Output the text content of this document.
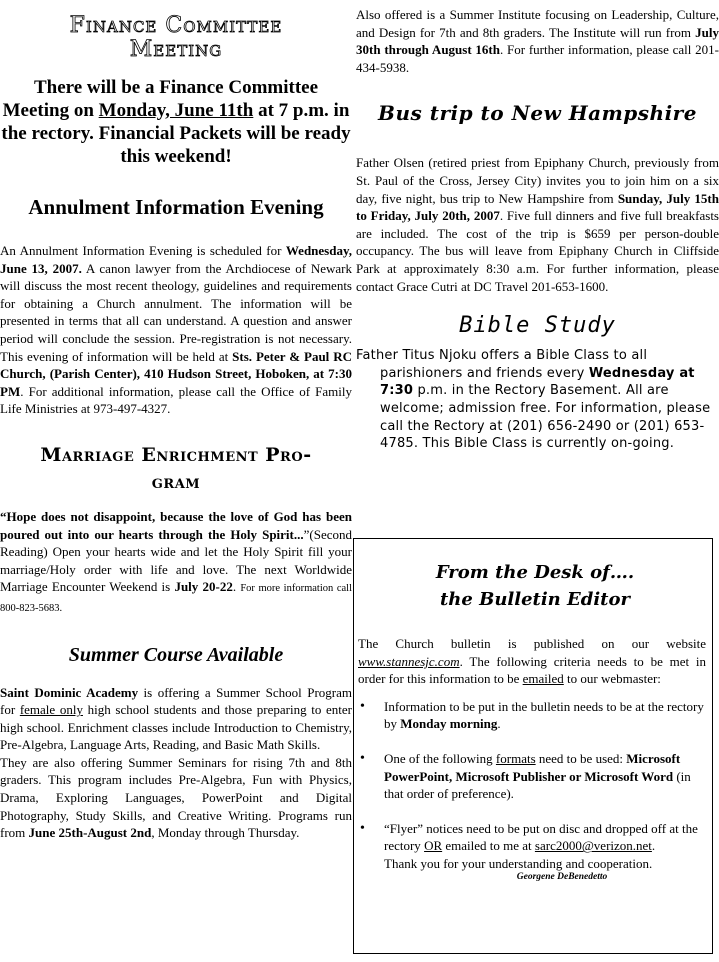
Finance Committee
Meeting

There will be a Finance Committee Meeting on Monday, June 11th at 7 p.m. in the rectory. Financial Packets will be ready this weekend!

Annulment Information Evening

An Annulment Information Evening is scheduled for Wednesday, June 13, 2007. A canon lawyer from the Archdiocese of Newark will discuss the most recent theology, guidelines and requirements for obtaining a Church annulment. The information will be presented in terms that all can understand. A question and answer period will conclude the session. Pre-registration is not necessary. This evening of information will be held at Sts. Peter & Paul RC Church, (Parish Center), 410 Hudson Street, Hoboken, at 7:30 PM. For additional information, please call the Office of Family Life Ministries at 973-497-4327.

Marriage Enrichment Pro-
gram

“Hope does not disappoint, because the love of God has been poured out into our hearts through the Holy Spirit...”(Second Reading) Open your hearts wide and let the Holy Spirit fill your marriage/Holy order with life and love. The next Worldwide Marriage Encounter Weekend is July 20-22. For more information call 800-823-5683.

Summer Course Available

Saint Dominic Academy is offering a Summer School Program for female only high school students and those preparing to enter high school. Enrichment classes include Introduction to Chemistry, Pre-Algebra, Language Arts, Reading, and Basic Math Skills.

They are also offering Summer Seminars for rising 7th and 8th graders. This program includes Pre-Algebra, Fun with Physics, Drama, Exploring Languages, PowerPoint and Digital Photography, Study Skills, and Creative Writing. Programs run from June 25th-August 2nd, Monday through Thursday.

Also offered is a Summer Institute focusing on Leadership, Culture, and Design for 7th and 8th graders. The Institute will run from July 30th through August 16th. For further information, please call 201-434-5938.

Bus trip to New Hampshire

Father Olsen (retired priest from Epiphany Church, previously from St. Paul of the Cross, Jersey City) invites you to join him on a six day, five night, bus trip to New Hampshire from Sunday, July 15th to Friday, July 20th, 2007. Five full dinners and five full breakfasts are included. The cost of the trip is $659 per person-double occupancy. The bus will leave from Epiphany Church in Cliffside Park at approximately 8:30 a.m. For further information, please contact Grace Cutri at DC Travel 201-653-1600.

Bible Study

Father Titus Njoku offers a Bible Class to all parishioners and friends every Wednesday at 7:30 p.m. in the Rectory Basement. All are welcome; admission free. For information, please call the Rectory at (201) 656-2490 or (201) 653-4785. This Bible Class is currently on-going.

From the Desk of….
the Bulletin Editor

The Church bulletin is published on our website www.stannesjc.com. The following criteria needs to be met in order for this information to be emailed to our webmaster:

• Information to be put in the bulletin needs to be at the rectory by Monday morning.
• One of the following formats need to be used: Microsoft PowerPoint, Microsoft Publisher or Microsoft Word (in that order of preference).
• “Flyer” notices need to be put on disc and dropped off at the rectory OR emailed to me at sarc2000@verizon.net.
Thank you for your understanding and cooperation.
Georgene DeBenedetto
